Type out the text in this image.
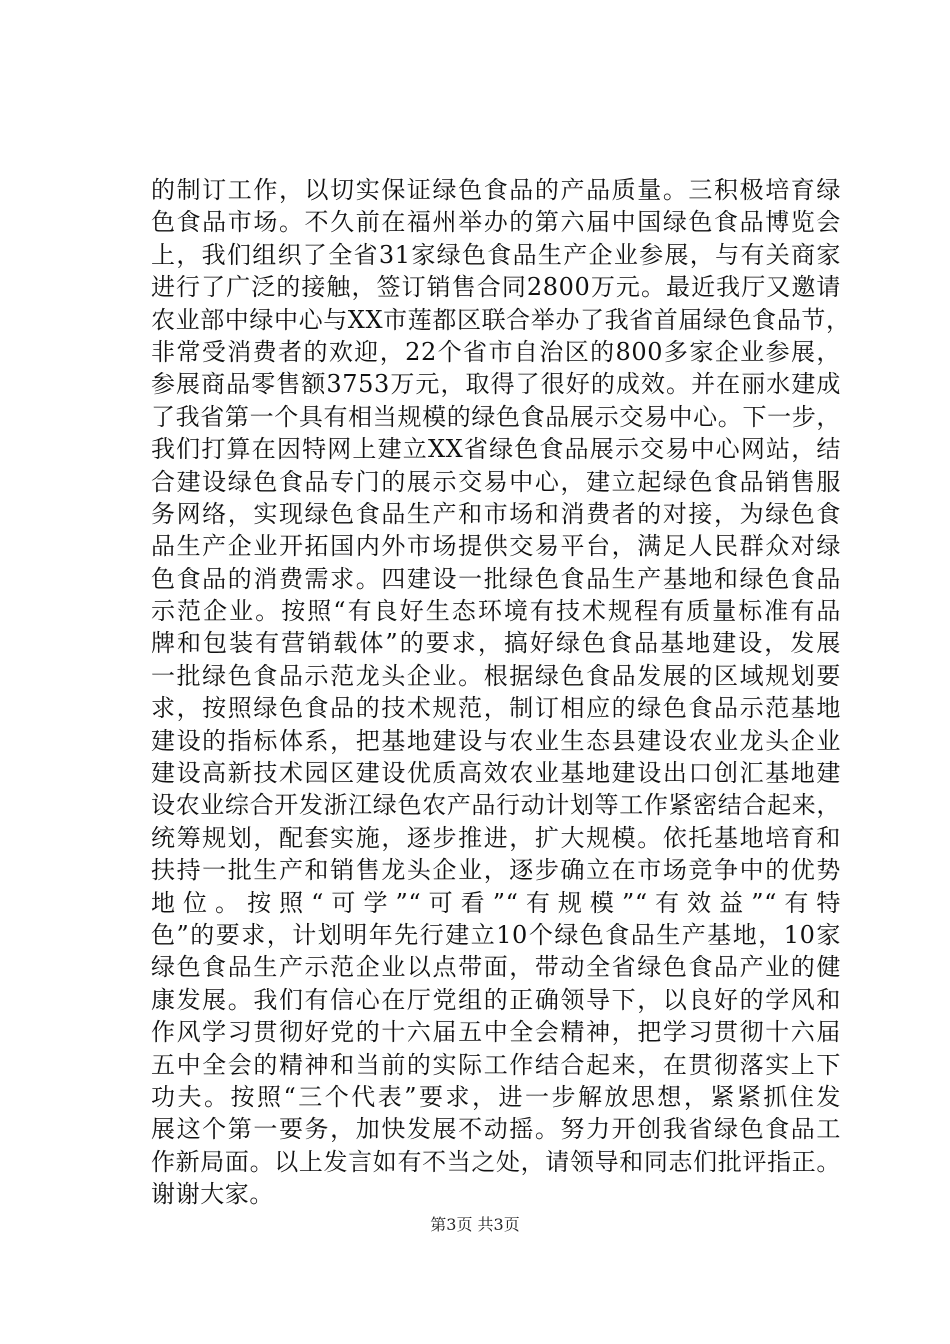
的制订工作，以切实保证绿色食品的产品质量。三积极培育绿
色食品市场。不久前在福州举办的第六届中国绿色食品博览会
上，我们组织了全省31家绿色食品生产企业参展，与有关商家
进行了广泛的接触，签订销售合同2800万元。最近我厅又邀请
农业部中绿中心与XX市莲都区联合举办了我省首届绿色食品节，
非常受消费者的欢迎，22个省市自治区的800多家企业参展，
参展商品零售额3753万元，取得了很好的成效。并在丽水建成
了我省第一个具有相当规模的绿色食品展示交易中心。下一步，
我们打算在因特网上建立XX省绿色食品展示交易中心网站，结
合建设绿色食品专门的展示交易中心，建立起绿色食品销售服
务网络，实现绿色食品生产和市场和消费者的对接，为绿色食
品生产企业开拓国内外市场提供交易平台，满足人民群众对绿
色食品的消费需求。四建设一批绿色食品生产基地和绿色食品
示范企业。按照“有良好生态环境有技术规程有质量标准有品
牌和包装有营销载体”的要求，搞好绿色食品基地建设，发展
一批绿色食品示范龙头企业。根据绿色食品发展的区域规划要
求，按照绿色食品的技术规范，制订相应的绿色食品示范基地
建设的指标体系，把基地建设与农业生态县建设农业龙头企业
建设高新技术园区建设优质高效农业基地建设出口创汇基地建
设农业综合开发浙江绿色农产品行动计划等工作紧密结合起来，
统筹规划，配套实施，逐步推进，扩大规模。依托基地培育和
扶持一批生产和销售龙头企业，逐步确立在市场竞争中的优势
地位。按照“可学”“可看”“有规模”“有效益”“有特
色”的要求，计划明年先行建立10个绿色食品生产基地，10家
绿色食品生产示范企业以点带面，带动全省绿色食品产业的健
康发展。我们有信心在厅党组的正确领导下，以良好的学风和
作风学习贯彻好党的十六届五中全会精神，把学习贯彻十六届
五中全会的精神和当前的实际工作结合起来，在贯彻落实上下
功夫。按照“三个代表”要求，进一步解放思想，紧紧抓住发
展这个第一要务，加快发展不动摇。努力开创我省绿色食品工
作新局面。以上发言如有不当之处，请领导和同志们批评指正。
谢谢大家。
第3页 共3页
